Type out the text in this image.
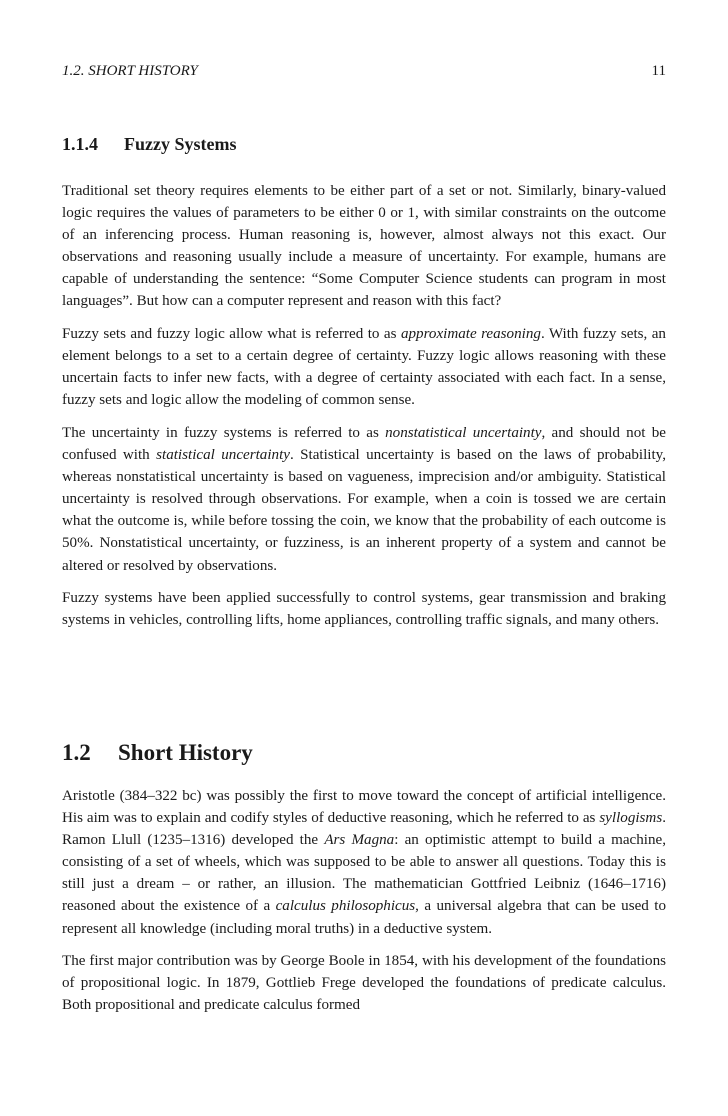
1.2. SHORT HISTORY	11
1.1.4 Fuzzy Systems

Traditional set theory requires elements to be either part of a set or not. Similarly, binary-valued logic requires the values of parameters to be either 0 or 1, with similar constraints on the outcome of an inferencing process. Human reasoning is, however, almost always not this exact. Our observations and reasoning usually include a measure of uncertainty. For example, humans are capable of understanding the sentence: “Some Computer Science students can program in most languages”. But how can a computer represent and reason with this fact?

Fuzzy sets and fuzzy logic allow what is referred to as approximate reasoning. With fuzzy sets, an element belongs to a set to a certain degree of certainty. Fuzzy logic allows reasoning with these uncertain facts to infer new facts, with a degree of certainty associated with each fact. In a sense, fuzzy sets and logic allow the modeling of common sense.

The uncertainty in fuzzy systems is referred to as nonstatistical uncertainty, and should not be confused with statistical uncertainty. Statistical uncertainty is based on the laws of probability, whereas nonstatistical uncertainty is based on vagueness, imprecision and/or ambiguity. Statistical uncertainty is resolved through observations. For example, when a coin is tossed we are certain what the outcome is, while before tossing the coin, we know that the probability of each outcome is 50%. Nonstatistical uncertainty, or fuzziness, is an inherent property of a system and cannot be altered or resolved by observations.

Fuzzy systems have been applied successfully to control systems, gear transmission and braking systems in vehicles, controlling lifts, home appliances, controlling traffic signals, and many others.

1.2 Short History

Aristotle (384–322 bc) was possibly the first to move toward the concept of artificial intelligence. His aim was to explain and codify styles of deductive reasoning, which he referred to as syllogisms. Ramon Llull (1235–1316) developed the Ars Magna: an optimistic attempt to build a machine, consisting of a set of wheels, which was supposed to be able to answer all questions. Today this is still just a dream – or rather, an illusion. The mathematician Gottfried Leibniz (1646–1716) reasoned about the existence of a calculus philosophicus, a universal algebra that can be used to represent all knowledge (including moral truths) in a deductive system.

The first major contribution was by George Boole in 1854, with his development of the foundations of propositional logic. In 1879, Gottlieb Frege developed the foundations of predicate calculus. Both propositional and predicate calculus formed
